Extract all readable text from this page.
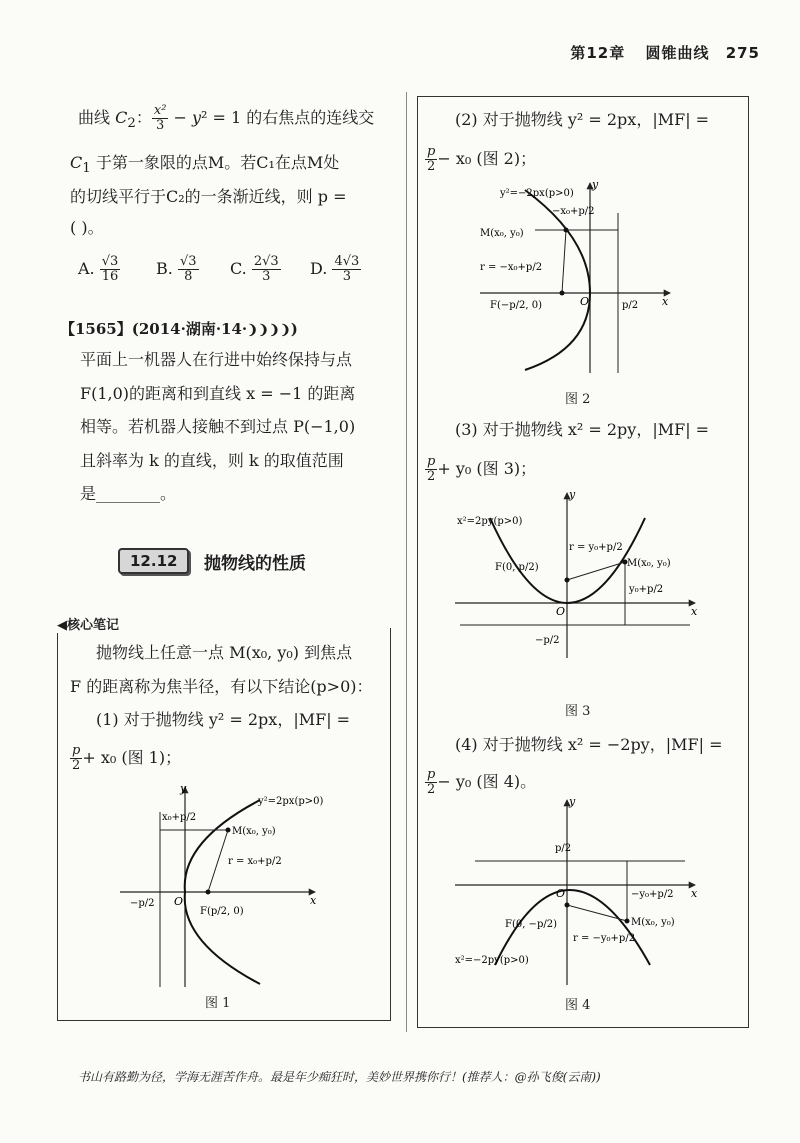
第12章 圆锥曲线 275
曲线 $C_2$： $\frac{\text{x²}}{3} - y^2 = 1$ 的右焦点的连线交
$C_1$ 于第一象限的点M。若C₁在点M处
的切线平行于C₂的一条渐近线，则 p =
( )。
A. $\frac{√3}{16} B$. $\frac{√3}{8} C$. $\frac{2√3}{3} D$. $\frac{4√3}{3}$
【1565】(2014·湖南·14·❩❩❩❩)
平面上一机器人在行进中始终保持与点
F(1,0)的距离和到直线 x = −1 的距离
相等。若机器人接触不到过点 P(−1,0)
且斜率为 k 的直线，则 k 的取值范围
是________。
12.12	抛物线的性质
◀核心笔记
抛物线上任意一点 M(x₀, y₀) 到焦点
F 的距离称为焦半径，有以下结论(p>0)：
(1) 对于抛物线 y² = 2px，|MF| =
$\frac{p}{2} + x_0$ (图 1)；
y
x
O
y²=2px(p>0)
x₀+p/2
M(x₀, y₀)
r = x₀+p/2
F(p/2, 0)
−p/2
图 1
(2) 对于抛物线 y² = 2px，|MF| =
$\frac{p}{2} - x_0$ (图 2)；
y
x
O
y²=−2px(p>0)
−x₀+p/2
M(x₀, y₀)
r = −x₀+p/2
F(−p/2, 0)	p/2
图 2
(3) 对于抛物线 x² = 2py，|MF| =
$\frac{p}{2} + y_0$ (图 3)；
y
x
O
x²=2py(p>0)
r = y₀+p/2
M(x₀, y₀)
y₀+p/2
F(0, p/2)
−p/2
图 3
(4) 对于抛物线 x² = −2py，|MF| =
$\frac{p}{2} - y_0$ (图 4)。
y
x
O
p/2
−y₀+p/2
M(x₀, y₀)
r = −y₀+p/2
F(0, −p/2)
x²=−2py(p>0)
图 4
书山有路勤为径，学海无涯苦作舟。最是年少痴狂时，美妙世界携你行！(推荐人：@孙飞俊(云南))
